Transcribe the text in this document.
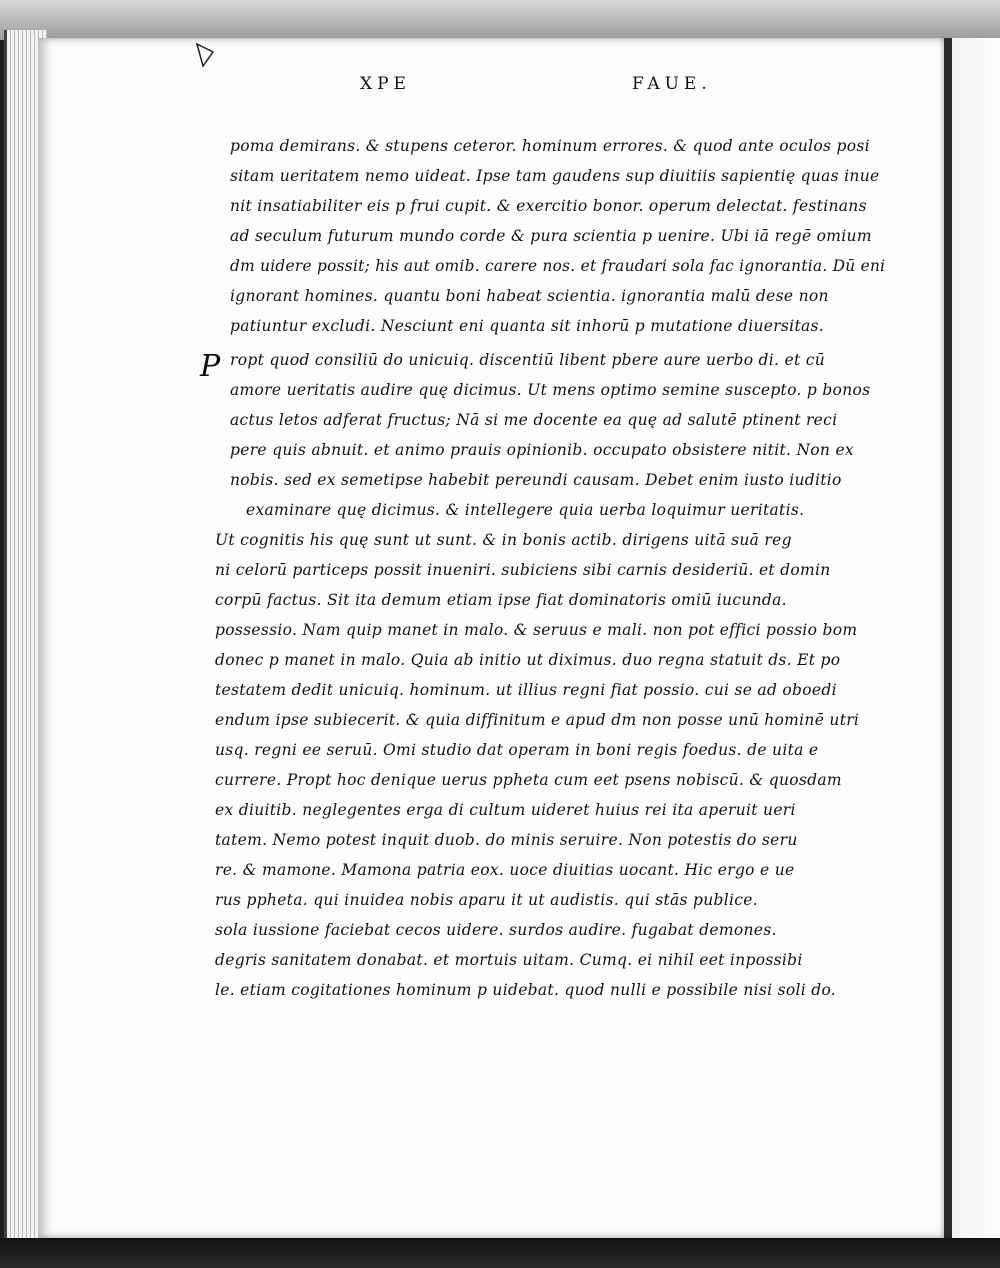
XPE	FAUE.
P
poma demirans. & stupens ceteror. hominum errores. & quod ante oculos posi
sitam ueritatem nemo uideat. Ipse tam gaudens sup diuitiis sapientię quas inue
nit insatiabiliter eis p frui cupit. & exercitio bonor. operum delectat. festinans
ad seculum futurum mundo corde & pura scientia p uenire. Ubi iā regē omium
dm uidere possit; his aut omib. carere nos. et fraudari sola fac ignorantia. Dū eni
ignorant homines. quantu boni habeat scientia. ignorantia malū dese non
patiuntur excludi. Nesciunt eni quanta sit inhorū p mutatione diuersitas.
ropt quod consiliū do unicuiq. discentiū libent pbere aure uerbo di. et cū
amore ueritatis audire quę dicimus. Ut mens optimo semine suscepto. p bonos
actus letos adferat fructus; Nā si me docente ea quę ad salutē ptinent reci
pere quis abnuit. et animo prauis opinionib. occupato obsistere nitit. Non ex
nobis. sed ex semetipse habebit pereundi causam. Debet enim iusto iuditio
examinare quę dicimus. & intellegere quia uerba loquimur ueritatis.
Ut cognitis his quę sunt ut sunt. & in bonis actib. dirigens uitā suā reg
ni celorū particeps possit inueniri. subiciens sibi carnis desideriū. et domin
corpū factus. Sit ita demum etiam ipse fiat dominatoris omiū iucunda.
possessio. Nam quip manet in malo. & seruus e mali. non pot effici possio bom
donec p manet in malo. Quia ab initio ut diximus. duo regna statuit ds. Et po
testatem dedit unicuiq. hominum. ut illius regni fiat possio. cui se ad oboedi
endum ipse subiecerit. & quia diffinitum e apud dm non posse unū hominē utri
usq. regni ee seruū. Omi studio dat operam in boni regis foedus. de uita e
currere. Propt hoc denique uerus ppheta cum eet psens nobiscū. & quosdam
ex diuitib. neglegentes erga di cultum uideret huius rei ita aperuit ueri
tatem. Nemo potest inquit duob. do minis seruire. Non potestis do seru
re. & mamone. Mamona patria eox. uoce diuitias uocant. Hic ergo e ue
rus ppheta. qui inuidea nobis aparu it ut audistis. qui stās publice.
sola iussione faciebat cecos uidere. surdos audire. fugabat demones.
degris sanitatem donabat. et mortuis uitam. Cumq. ei nihil eet inpossibi
le. etiam cogitationes hominum p uidebat. quod nulli e possibile nisi soli do.
